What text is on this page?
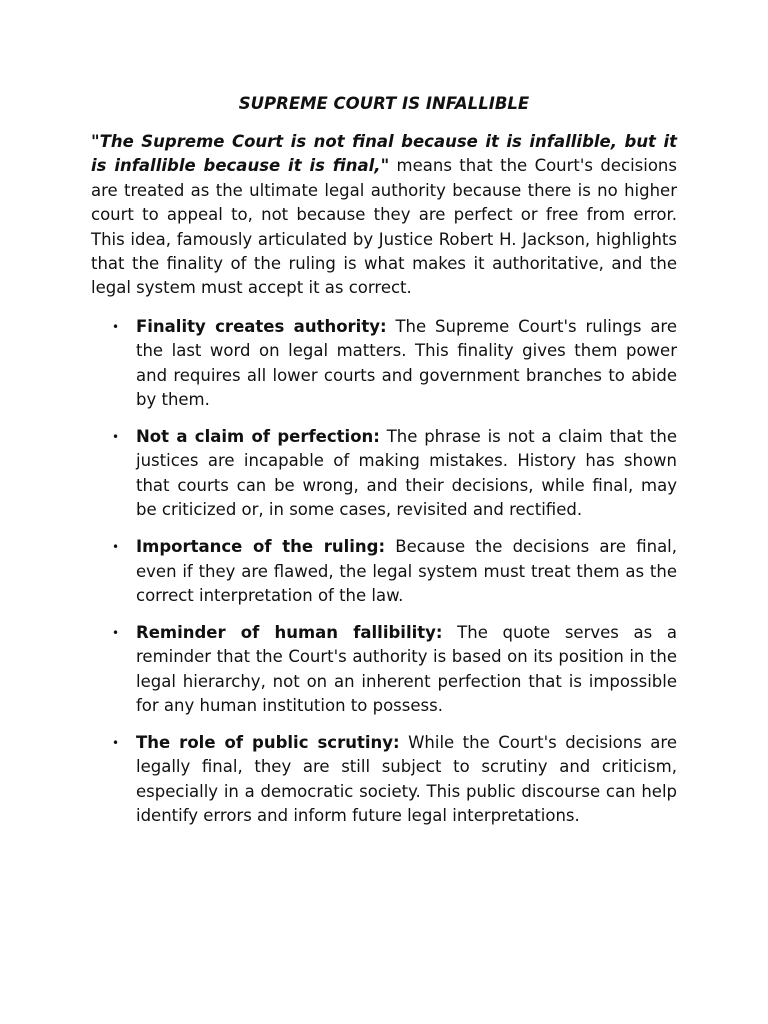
SUPREME COURT IS INFALLIBLE

"The Supreme Court is not final because it is infallible, but it is infallible because it is final," means that the Court's decisions are treated as the ultimate legal authority because there is no higher court to appeal to, not because they are perfect or free from error. This idea, famously articulated by Justice Robert H. Jackson, highlights that the finality of the ruling is what makes it authoritative, and the legal system must accept it as correct.

• Finality creates authority: The Supreme Court's rulings are the last word on legal matters. This finality gives them power and requires all lower courts and government branches to abide by them.
• Not a claim of perfection: The phrase is not a claim that the justices are incapable of making mistakes. History has shown that courts can be wrong, and their decisions, while final, may be criticized or, in some cases, revisited and rectified.
• Importance of the ruling: Because the decisions are final, even if they are flawed, the legal system must treat them as the correct interpretation of the law.
• Reminder of human fallibility: The quote serves as a reminder that the Court's authority is based on its position in the legal hierarchy, not on an inherent perfection that is impossible for any human institution to possess.
• The role of public scrutiny: While the Court's decisions are legally final, they are still subject to scrutiny and criticism, especially in a democratic society. This public discourse can help identify errors and inform future legal interpretations.
